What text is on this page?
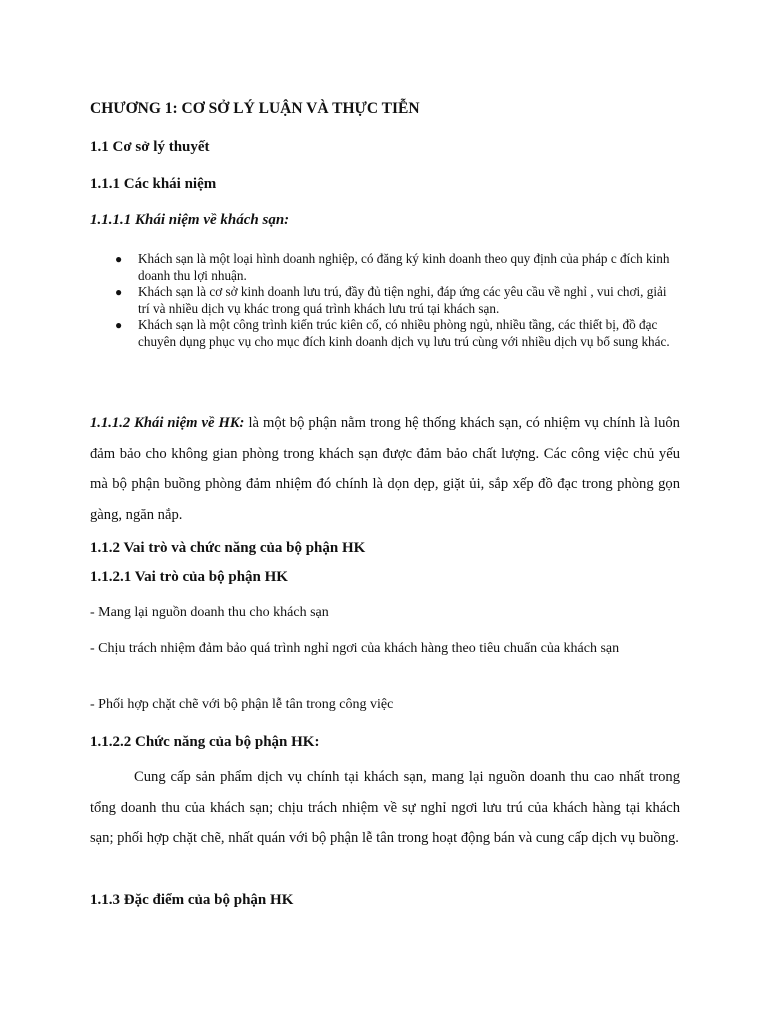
CHƯƠNG 1: CƠ SỞ LÝ LUẬN VÀ THỰC TIỄN
1.1 Cơ sở lý thuyết
1.1.1 Các khái niệm
1.1.1.1 Khái niệm về khách sạn:
● Khách sạn là một loại hình doanh nghiệp, có đăng ký kinh doanh theo quy định của pháp c đích kinh doanh thu lợi nhuận.
● Khách sạn là cơ sở kinh doanh lưu trú, đầy đủ tiện nghi, đáp ứng các yêu cầu về nghỉ , vui chơi, giải trí và nhiều dịch vụ khác trong quá trình khách lưu trú tại khách sạn.
● Khách sạn là một công trình kiến trúc kiên cố, có nhiều phòng ngủ, nhiều tầng, các thiết bị, đồ đạc chuyên dụng phục vụ cho mục đích kinh doanh dịch vụ lưu trú cùng với nhiều dịch vụ bổ sung khác.
1.1.1.2 Khái niệm về HK: là một bộ phận nằm trong hệ thống khách sạn, có nhiệm vụ chính là luôn đảm bảo cho không gian phòng trong khách sạn được đảm bảo chất lượng. Các công việc chủ yếu mà bộ phận buồng phòng đảm nhiệm đó chính là dọn dẹp, giặt ủi, sắp xếp đồ đạc trong phòng gọn gàng, ngăn nắp.
1.1.2 Vai trò và chức năng của bộ phận HK
1.1.2.1 Vai trò của bộ phận HK
- Mang lại nguồn doanh thu cho khách sạn
- Chịu trách nhiệm đảm bảo quá trình nghỉ ngơi của khách hàng theo tiêu chuẩn của khách sạn
- Phối hợp chặt chẽ với bộ phận lễ tân trong công việc
1.1.2.2 Chức năng của bộ phận HK:
Cung cấp sản phẩm dịch vụ chính tại khách sạn, mang lại nguồn doanh thu cao nhất trong tổng doanh thu của khách sạn; chịu trách nhiệm về sự nghỉ ngơi lưu trú của khách hàng tại khách sạn; phối hợp chặt chẽ, nhất quán với bộ phận lễ tân trong hoạt động bán và cung cấp dịch vụ buồng.
1.1.3 Đặc điểm của bộ phận HK
